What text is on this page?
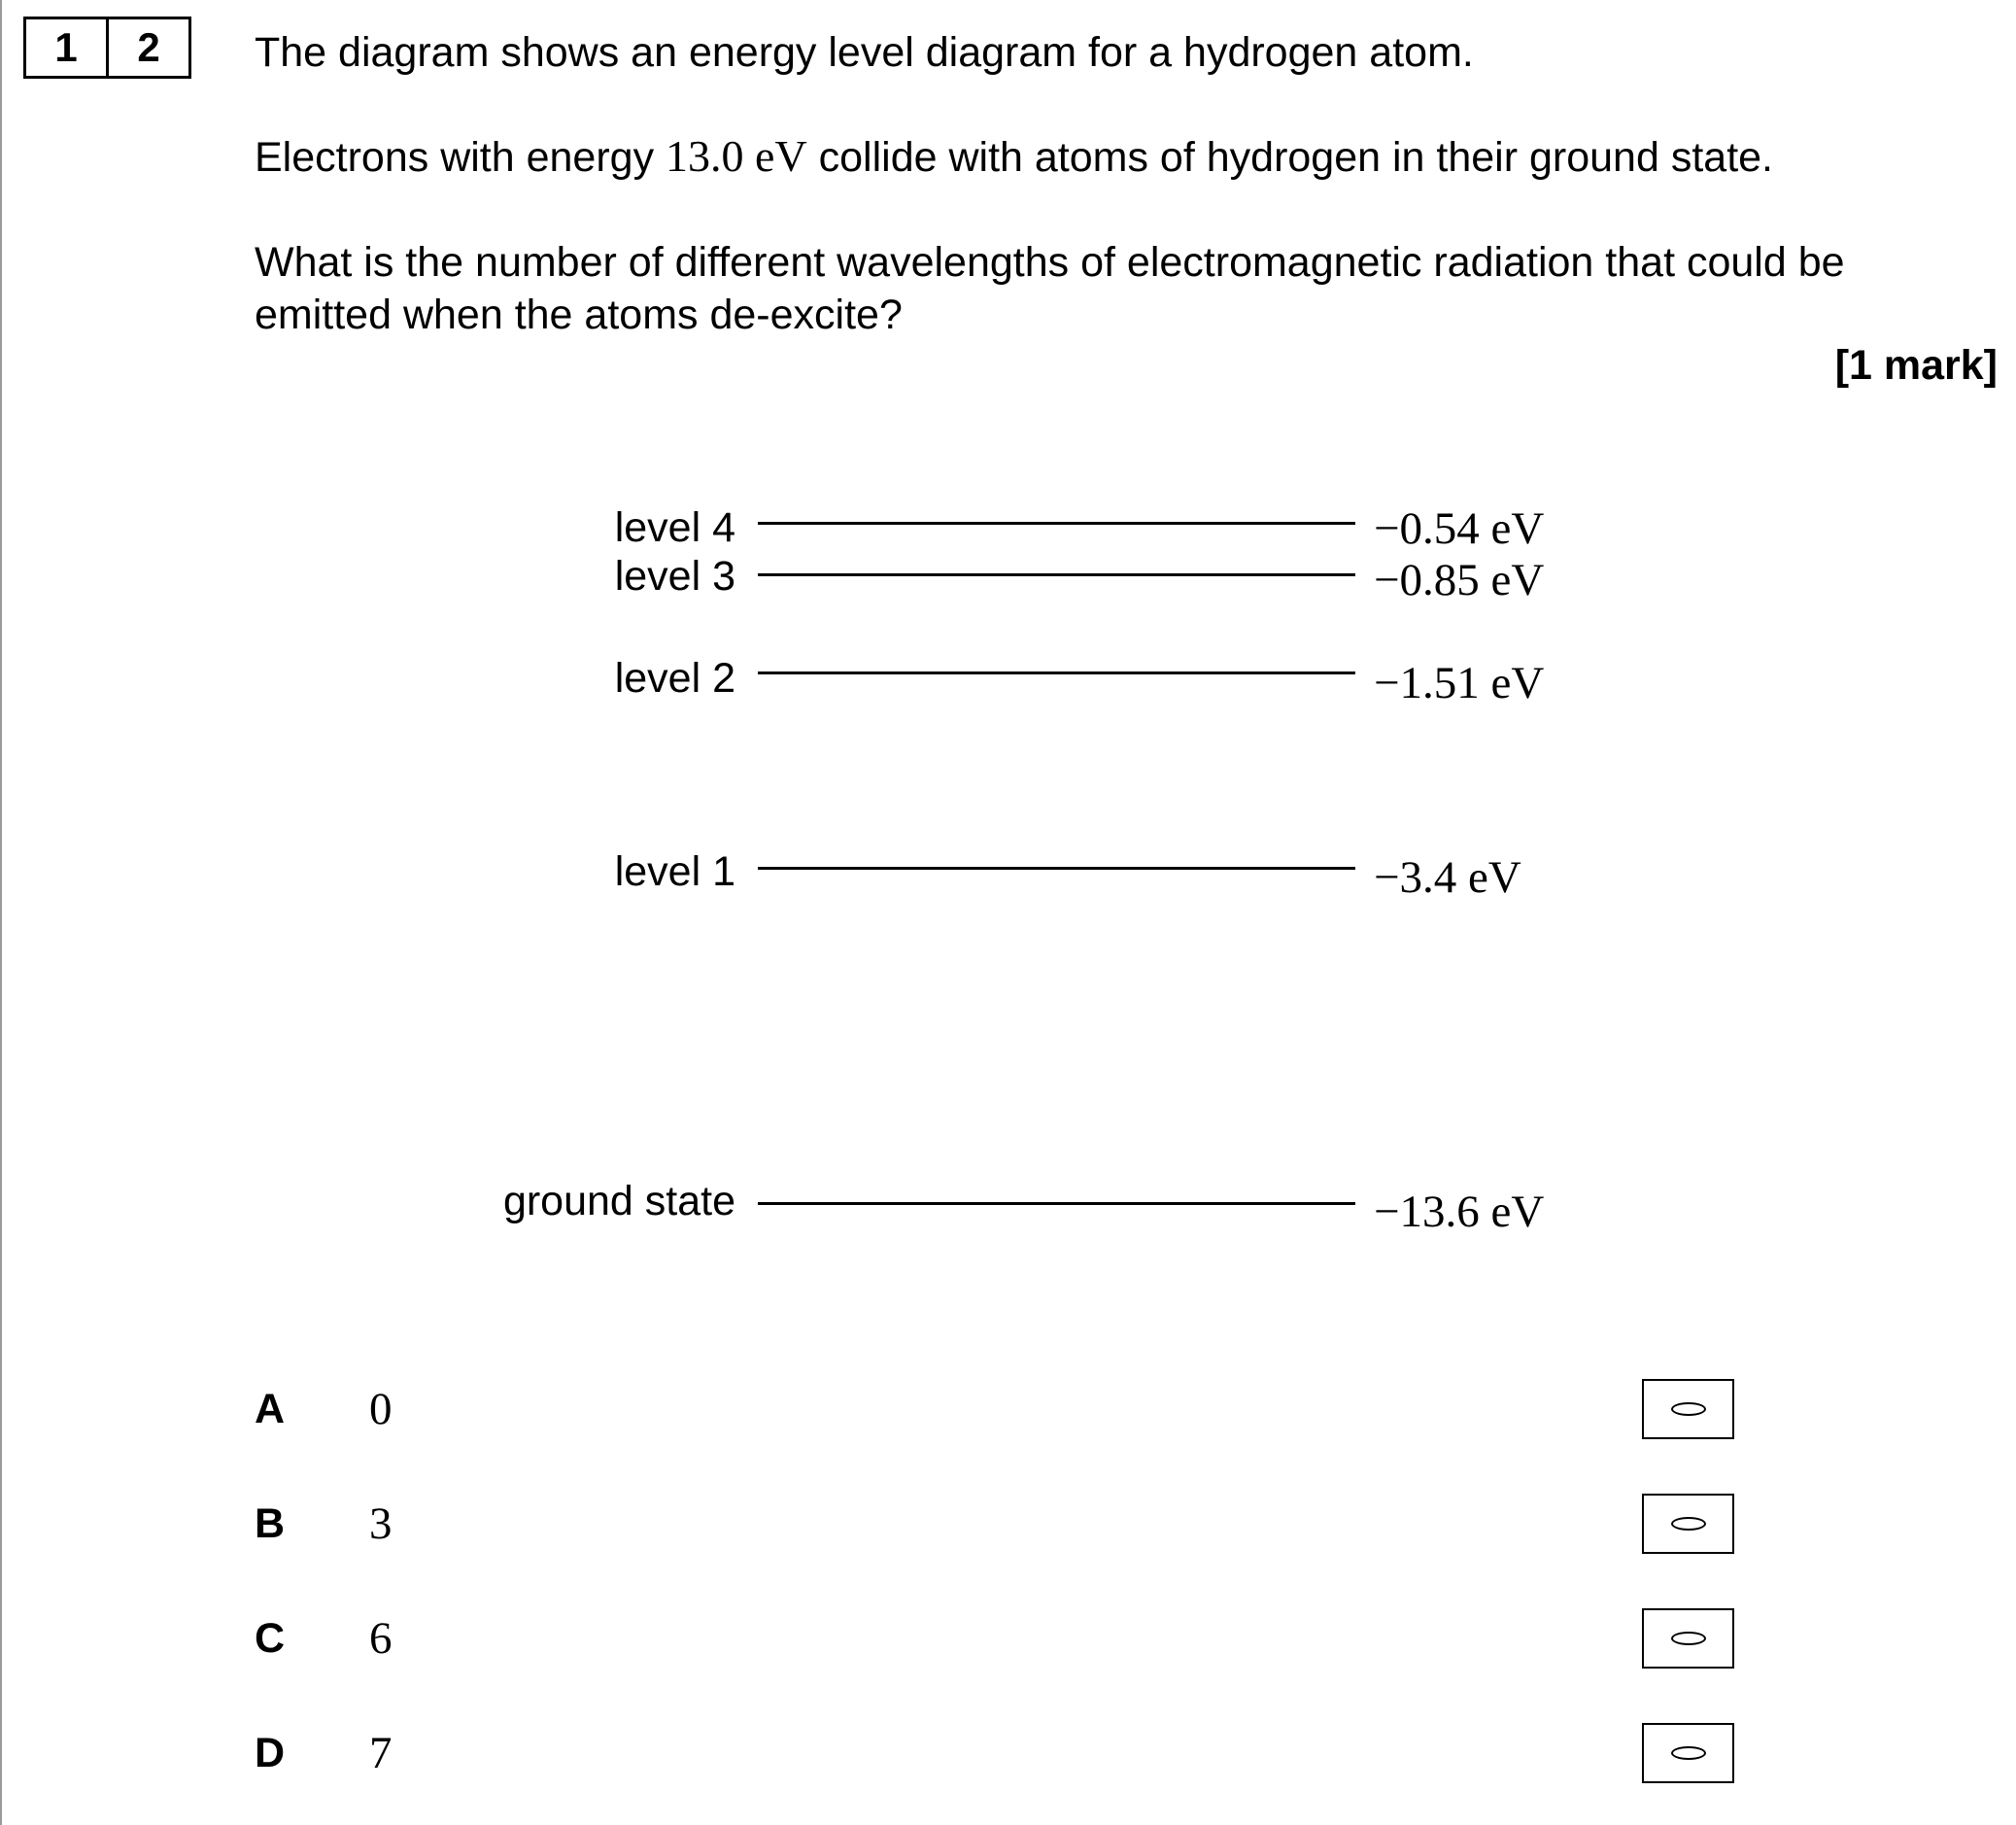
1	2	The diagram shows an energy level diagram for a hydrogen atom.
Electrons with energy 13.0 eV collide with atoms of hydrogen in their ground state.
What is the number of different wavelengths of electromagnetic radiation that could be
emitted when the atoms de-excite?
[1 mark]
level 4	−0.54 eV
level 3	−0.85 eV
level 2	−1.51 eV
level 1	−3.4 eV
ground state	−13.6 eV
A 0
B 3
C 6
D 7
